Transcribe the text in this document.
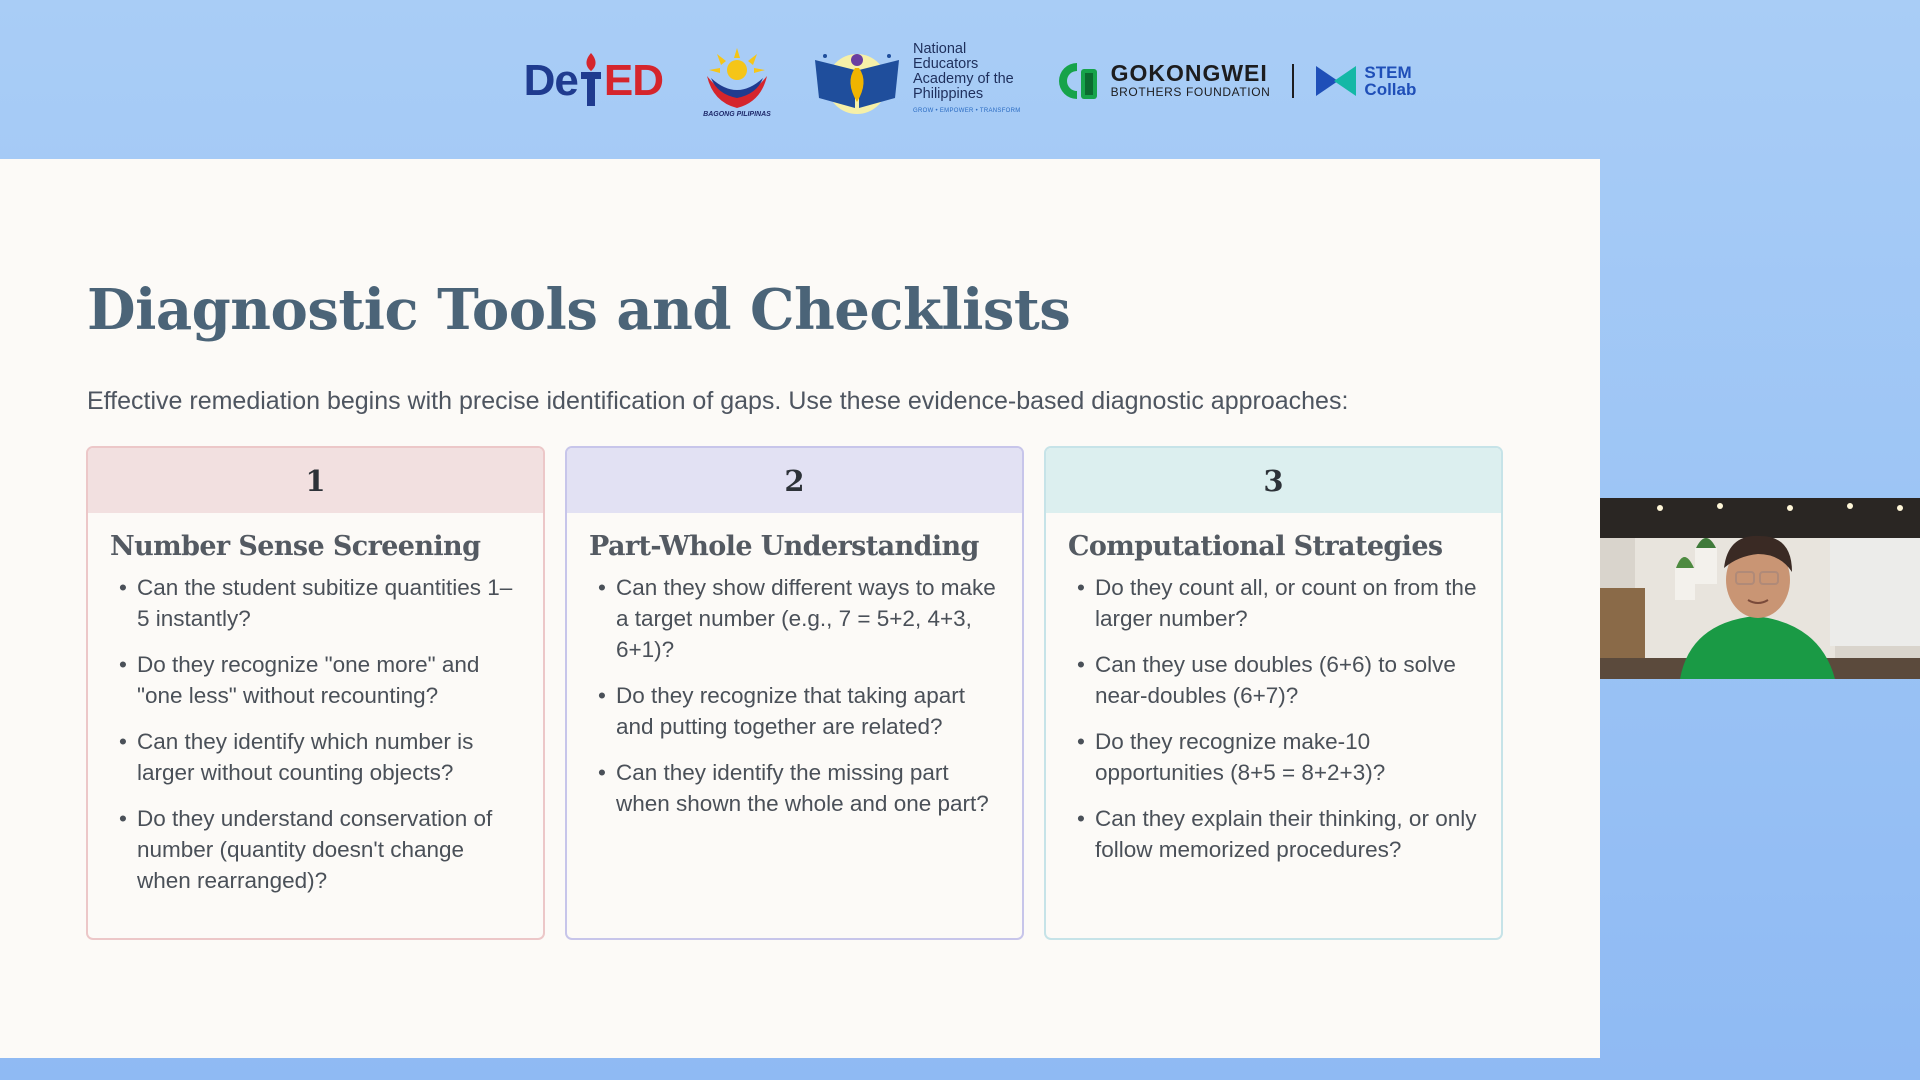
De ED
BAGONG PILIPINAS
National
Educators
Academy of the
Philippines
GROW • EMPOWER • TRANSFORM
GOKONGWEI
BROTHERS FOUNDATION
STEM
Collab
Diagnostic Tools and Checklists

Effective remediation begins with precise identification of gaps. Use these evidence-based diagnostic approaches:

1
Number Sense Screening
• Can the student subitize quantities 1–5 instantly?
• Do they recognize "one more" and "one less" without recounting?
• Can they identify which number is larger without counting objects?
• Do they understand conservation of number (quantity doesn't change when rearranged)?
2
Part-Whole Understanding
• Can they show different ways to make a target number (e.g., 7 = 5+2, 4+3, 6+1)?
• Do they recognize that taking apart and putting together are related?
• Can they identify the missing part when shown the whole and one part?
3
Computational Strategies
• Do they count all, or count on from the larger number?
• Can they use doubles (6+6) to solve near-doubles (6+7)?
• Do they recognize make-10 opportunities (8+5 = 8+2+3)?
• Can they explain their thinking, or only follow memorized procedures?
